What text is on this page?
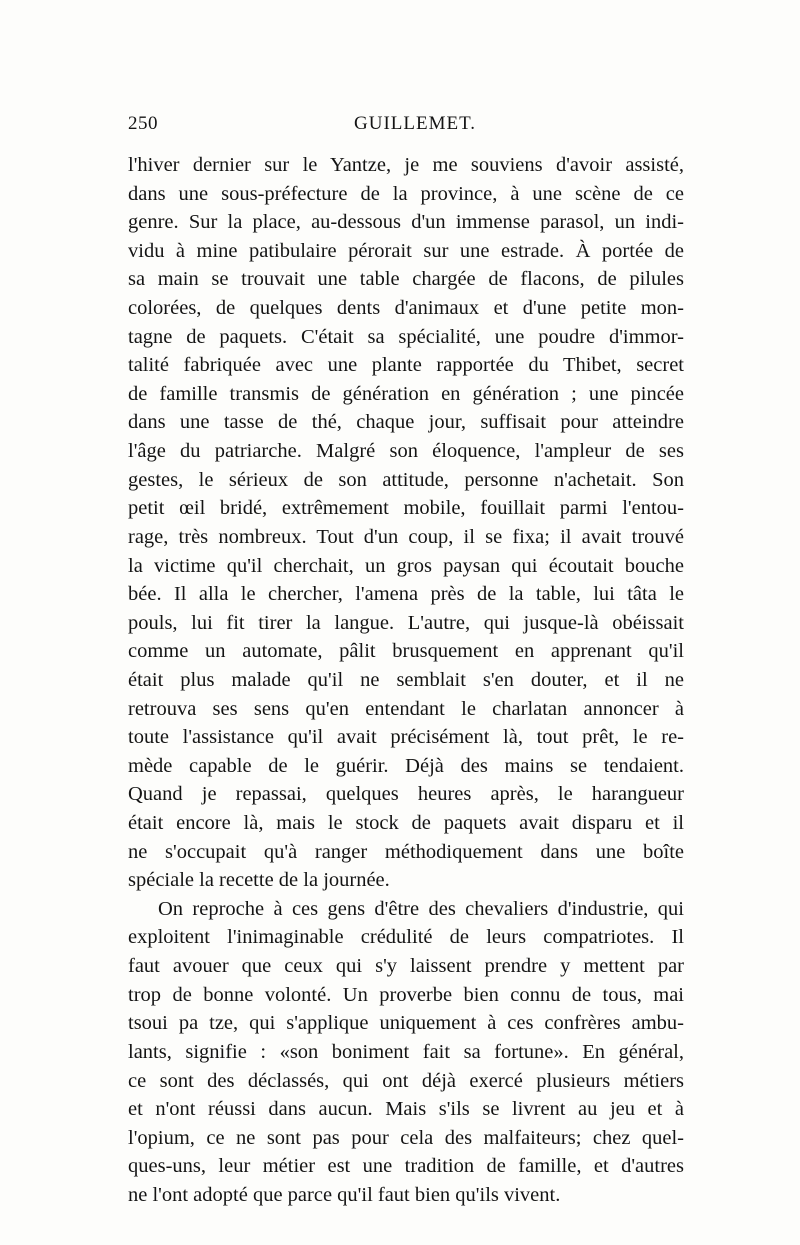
250	GUILLEMET.
l'hiver dernier sur le Yantze, je me souviens d'avoir assisté,
dans une sous-préfecture de la province, à une scène de ce
genre. Sur la place, au-dessous d'un immense parasol, un indi-
vidu à mine patibulaire pérorait sur une estrade. À portée de
sa main se trouvait une table chargée de flacons, de pilules
colorées, de quelques dents d'animaux et d'une petite mon-
tagne de paquets. C'était sa spécialité, une poudre d'immor-
talité fabriquée avec une plante rapportée du Thibet, secret
de famille transmis de génération en génération ; une pincée
dans une tasse de thé, chaque jour, suffisait pour atteindre
l'âge du patriarche. Malgré son éloquence, l'ampleur de ses
gestes, le sérieux de son attitude, personne n'achetait. Son
petit œil bridé, extrêmement mobile, fouillait parmi l'entou-
rage, très nombreux. Tout d'un coup, il se fixa; il avait trouvé
la victime qu'il cherchait, un gros paysan qui écoutait bouche
bée. Il alla le chercher, l'amena près de la table, lui tâta le
pouls, lui fit tirer la langue. L'autre, qui jusque-là obéissait
comme un automate, pâlit brusquement en apprenant qu'il
était plus malade qu'il ne semblait s'en douter, et il ne
retrouva ses sens qu'en entendant le charlatan annoncer à
toute l'assistance qu'il avait précisément là, tout prêt, le re-
mède capable de le guérir. Déjà des mains se tendaient.
Quand je repassai, quelques heures après, le harangueur
était encore là, mais le stock de paquets avait disparu et il
ne s'occupait qu'à ranger méthodiquement dans une boîte
spéciale la recette de la journée.
On reproche à ces gens d'être des chevaliers d'industrie, qui
exploitent l'inimaginable crédulité de leurs compatriotes. Il
faut avouer que ceux qui s'y laissent prendre y mettent par
trop de bonne volonté. Un proverbe bien connu de tous, mai
tsoui pa tze, qui s'applique uniquement à ces confrères ambu-
lants, signifie : «son boniment fait sa fortune». En général,
ce sont des déclassés, qui ont déjà exercé plusieurs métiers
et n'ont réussi dans aucun. Mais s'ils se livrent au jeu et à
l'opium, ce ne sont pas pour cela des malfaiteurs; chez quel-
ques-uns, leur métier est une tradition de famille, et d'autres
ne l'ont adopté que parce qu'il faut bien qu'ils vivent.
